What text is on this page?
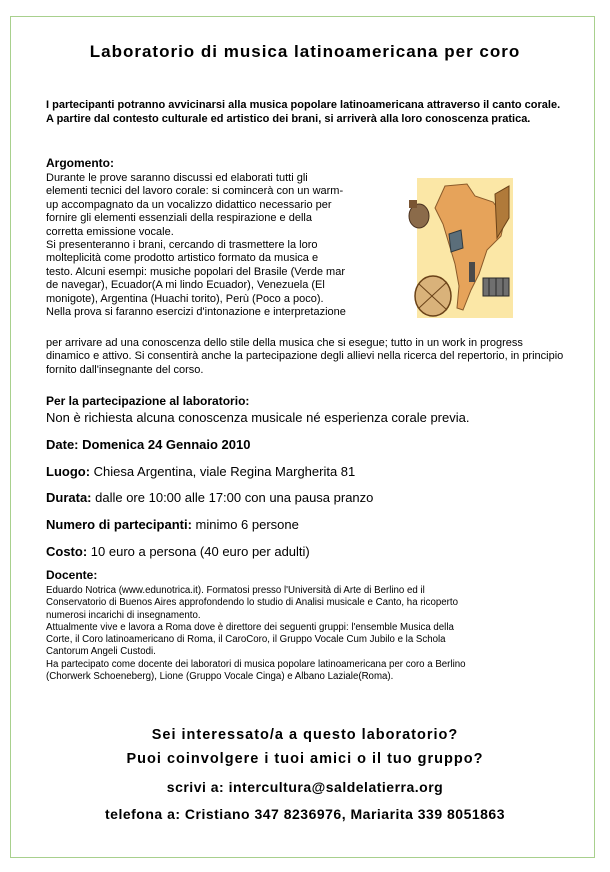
Laboratorio di musica latinoamericana per coro

I partecipanti potranno avvicinarsi alla musica popolare latinoamericana attraverso il canto corale. A partire dal contesto culturale ed artistico dei brani, si arriverà alla loro conoscenza pratica.

Argomento:
Durante le prove saranno discussi ed elaborati tutti gli
elementi tecnici del lavoro corale: si comincerà con un warm-
up accompagnato da un vocalizzo didattico necessario per
fornire gli elementi essenziali della respirazione e della
corretta emissione vocale.
Si presenteranno i brani, cercando di trasmettere la loro
molteplicità come prodotto artistico formato da musica e
testo. Alcuni esempi: musiche popolari del Brasile (Verde mar
de navegar), Ecuador(A mi lindo Ecuador), Venezuela (El
monigote), Argentina (Huachi torito), Perù (Poco a poco).
Nella prova si faranno esercizi d'intonazione e interpretazione

per arrivare ad una conoscenza dello stile della musica che si esegue; tutto in un work in progress dinamico e attivo. Si consentirà anche la partecipazione degli allievi nella ricerca del repertorio, in principio fornito dall'insegnante del corso.

Per la partecipazione al laboratorio:
Non è richiesta alcuna conoscenza musicale né esperienza corale previa.
Date: Domenica 24 Gennaio 2010
Luogo: Chiesa Argentina, viale Regina Margherita 81
Durata: dalle ore 10:00 alle 17:00 con una pausa pranzo
Numero di partecipanti: minimo 6 persone
Costo: 10 euro a persona (40 euro per adulti)
Docente:
Eduardo Notrica (www.edunotrica.it). Formatosi presso l'Università di Arte di Berlino ed il
Conservatorio di Buenos Aires approfondendo lo studio di Analisi musicale e Canto, ha ricoperto
numerosi incarichi di insegnamento.
Attualmente vive e lavora a Roma dove è direttore dei seguenti gruppi: l'ensemble Musica della
Corte, il Coro latinoamericano di Roma, il CaroCoro, il Gruppo Vocale Cum Jubilo e la Schola
Cantorum Angeli Custodi.
Ha partecipato come docente dei laboratori di musica popolare latinoamericana per coro a Berlino
(Chorwerk Schoeneberg), Lione (Gruppo Vocale Cinga) e Albano Laziale(Roma).
Sei interessato/a a questo laboratorio?
Puoi coinvolgere i tuoi amici o il tuo gruppo?
scrivi a: intercultura@saldelatierra.org
telefona a: Cristiano 347 8236976, Mariarita 339 8051863
